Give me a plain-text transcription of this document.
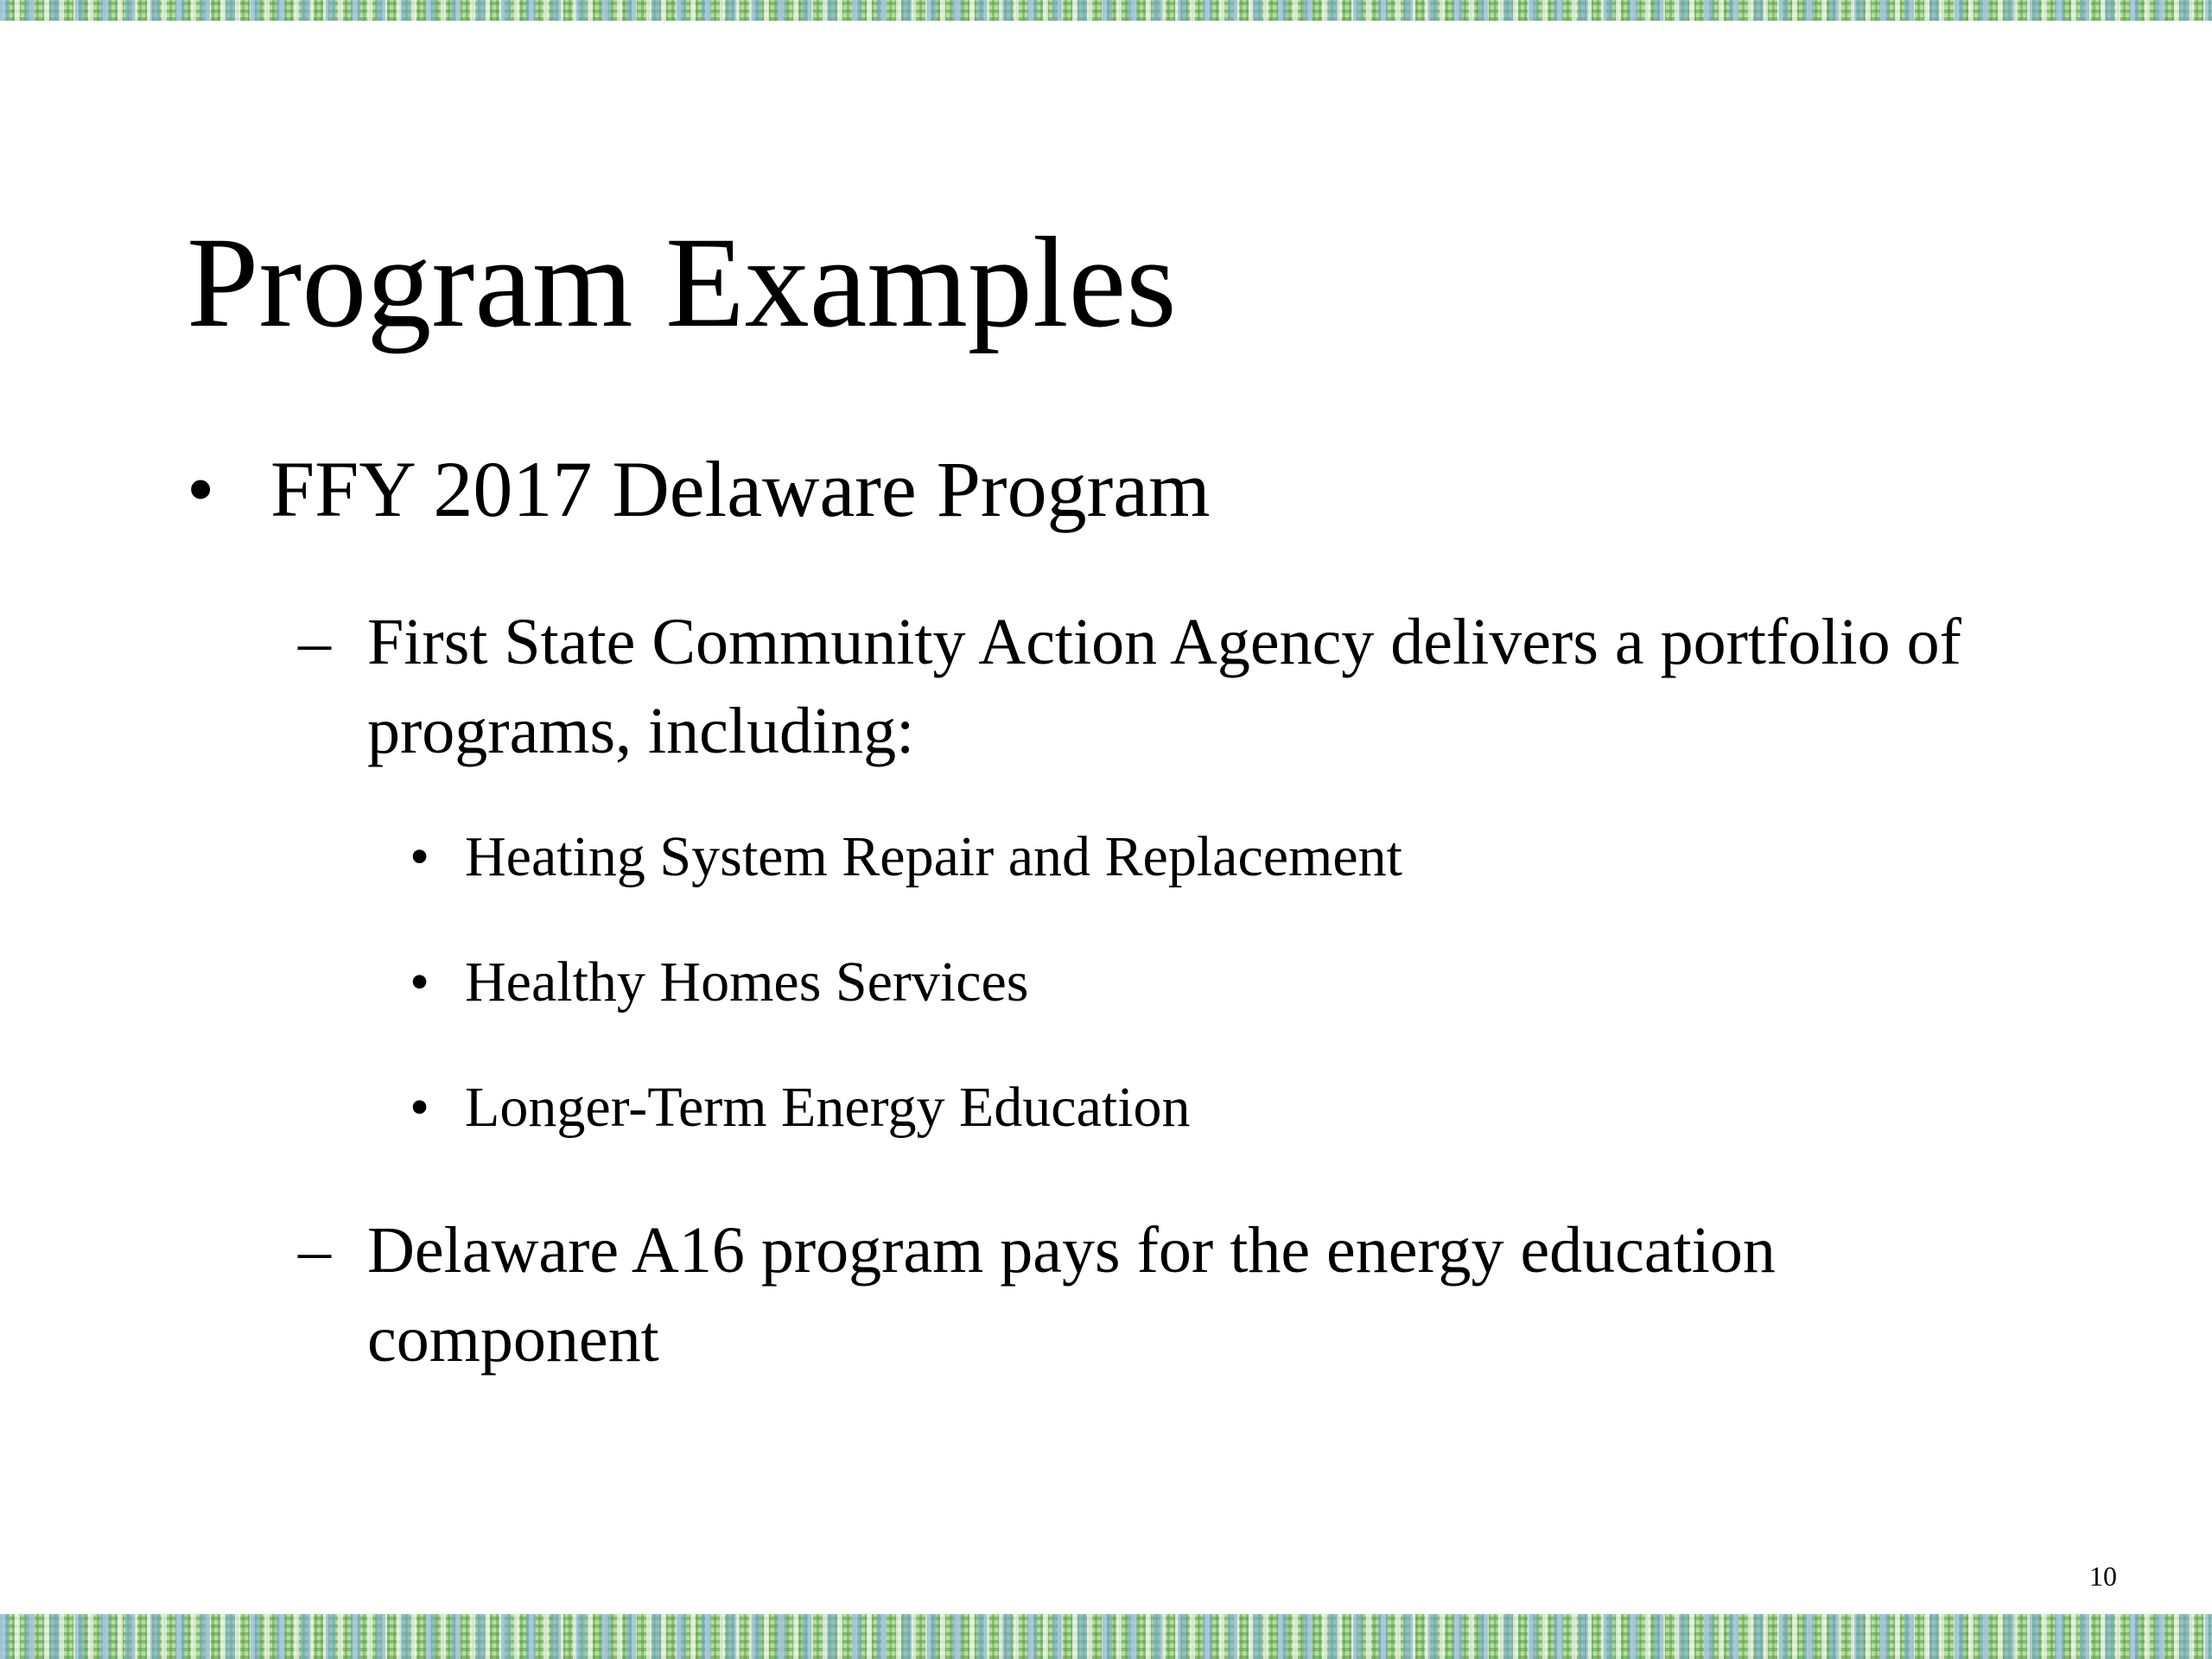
Program Examples
• FFY 2017 Delaware Program
– First State Community Action Agency delivers a portfolio of programs, including:
• Heating System Repair and Replacement
• Healthy Homes Services
• Longer-Term Energy Education
– Delaware A16 program pays for the energy education component
10
